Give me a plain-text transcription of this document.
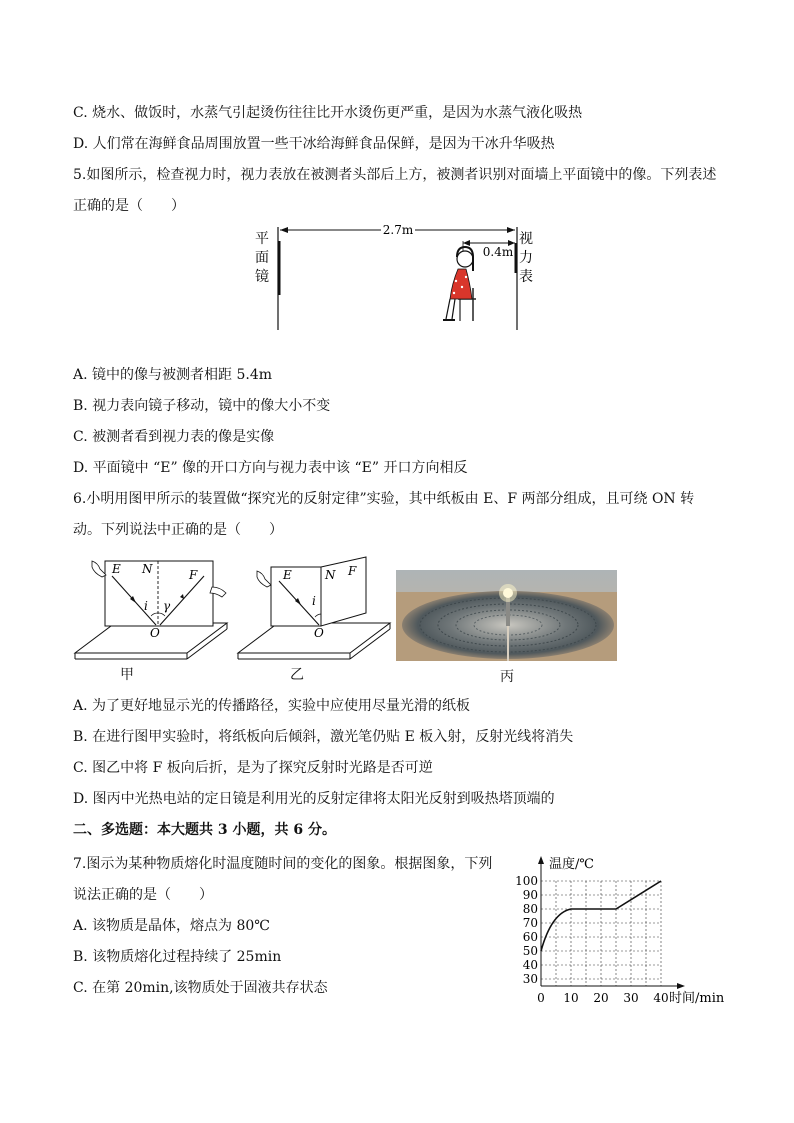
C. 烧水、做饭时，水蒸气引起烫伤往往比开水烫伤更严重，是因为水蒸气液化吸热
D. 人们常在海鲜食品周围放置一些干冰给海鲜食品保鲜，是因为干冰升华吸热
5.如图所示，检查视力时，视力表放在被测者头部后上方，被测者识别对面墙上平面镜中的像。下列表述
正确的是（　　）
平
面
镜
视
力
表
2.7m
0.4m
A. 镜中的像与被测者相距 5.4m
B. 视力表向镜子移动，镜中的像大小不变
C. 被测者看到视力表的像是实像
D. 平面镜中 “E” 像的开口方向与视力表中该 “E” 开口方向相反
6.小明用图甲所示的装置做“探究光的反射定律”实验，其中纸板由 E、F 两部分组成，且可绕 ON 转
动。下列说法中正确的是（　　）
E N	F
i γ
O
甲
E	N F
i
O
乙	丙
A. 为了更好地显示光的传播路径，实验中应使用尽量光滑的纸板
B. 在进行图甲实验时，将纸板向后倾斜，激光笔仍贴 E 板入射，反射光线将消失
C. 图乙中将 F 板向后折，是为了探究反射时光路是否可逆
D. 图丙中光热电站的定日镜是利用光的反射定律将太阳光反射到吸热塔顶端的
二、多选题：本大题共 3 小题，共 6 分。
7.图示为某种物质熔化时温度随时间的变化的图象。根据图象，下列
说法正确的是（　　）
A. 该物质是晶体，熔点为 80℃
B. 该物质熔化过程持续了 25min
C. 在第 20min,该物质处于固液共存状态
0 10 20 30 40
30
40
50
60
70
80
90
100
温度/℃
时间/min
